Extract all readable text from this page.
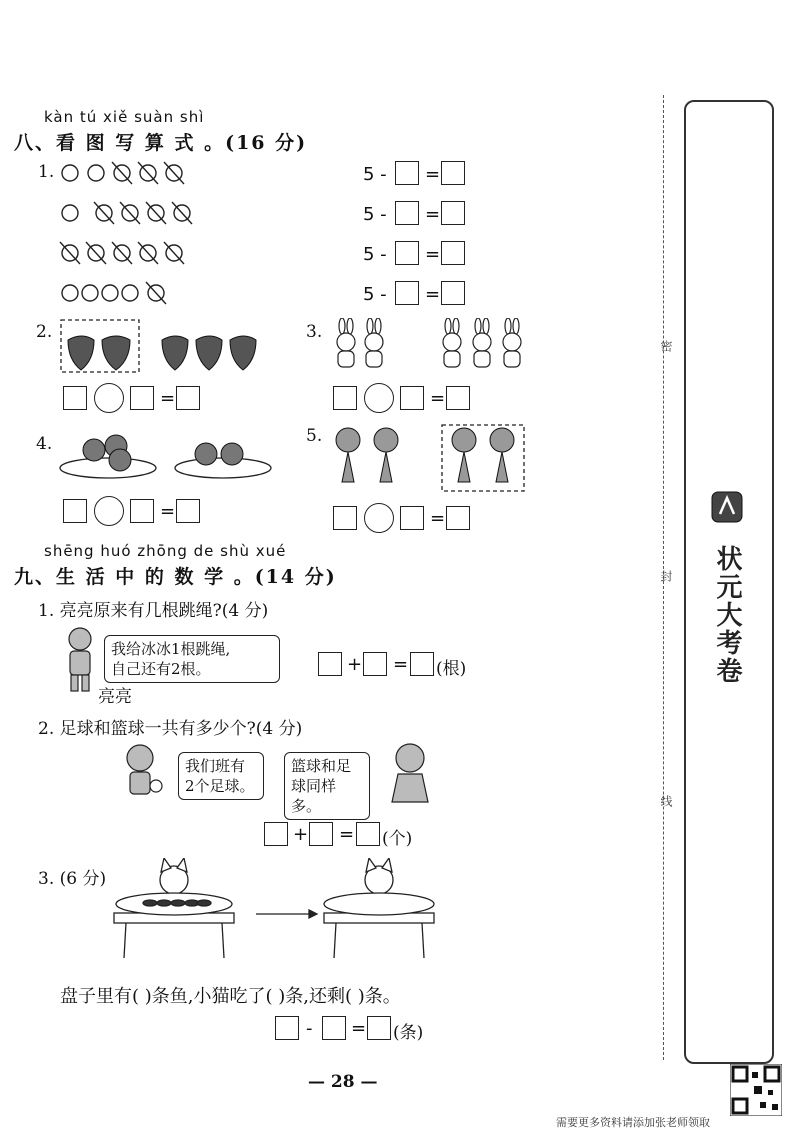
kàn tú xiě suàn shì
八、看 图 写 算 式 。(16 分)
1.	5 - =
5 - =
5 - =
5 - =
2.
=
3.
=
4.
=
5.
=
shēng huó zhōng de shù xué
九、生 活 中 的 数 学 。(14 分)
1. 亮亮原来有几根跳绳?(4 分)
我给冰冰1根跳绳,
自己还有2根。
亮亮
+ = (根)
2. 足球和篮球一共有多少个?(4 分)
我们班有
2个足球。
篮球和足
球同样多。
+ = (个)
3. (6 分)
盘子里有( )条鱼,小猫吃了( )条,还剩( )条。
- = (条)
密
封
线
状元大考卷
— 28 —
需要更多资料请添加张老师领取
